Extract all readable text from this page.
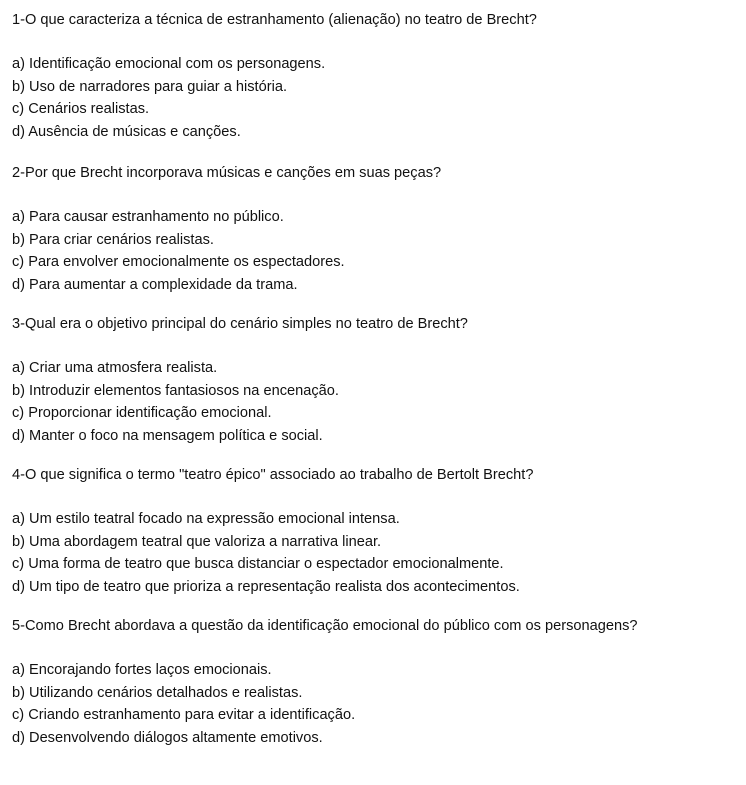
1-O que caracteriza a técnica de estranhamento (alienação) no teatro de Brecht?
a) Identificação emocional com os personagens.
b) Uso de narradores para guiar a história.
c) Cenários realistas.
d) Ausência de músicas e canções.
2-Por que Brecht incorporava músicas e canções em suas peças?
a) Para causar estranhamento no público.
b) Para criar cenários realistas.
c) Para envolver emocionalmente os espectadores.
d) Para aumentar a complexidade da trama.
3-Qual era o objetivo principal do cenário simples no teatro de Brecht?
a) Criar uma atmosfera realista.
b) Introduzir elementos fantasiosos na encenação.
c) Proporcionar identificação emocional.
d) Manter o foco na mensagem política e social.
4-O que significa o termo "teatro épico" associado ao trabalho de Bertolt Brecht?
a) Um estilo teatral focado na expressão emocional intensa.
b) Uma abordagem teatral que valoriza a narrativa linear.
c) Uma forma de teatro que busca distanciar o espectador emocionalmente.
d) Um tipo de teatro que prioriza a representação realista dos acontecimentos.
5-Como Brecht abordava a questão da identificação emocional do público com os personagens?
a) Encorajando fortes laços emocionais.
b) Utilizando cenários detalhados e realistas.
c) Criando estranhamento para evitar a identificação.
d) Desenvolvendo diálogos altamente emotivos.
